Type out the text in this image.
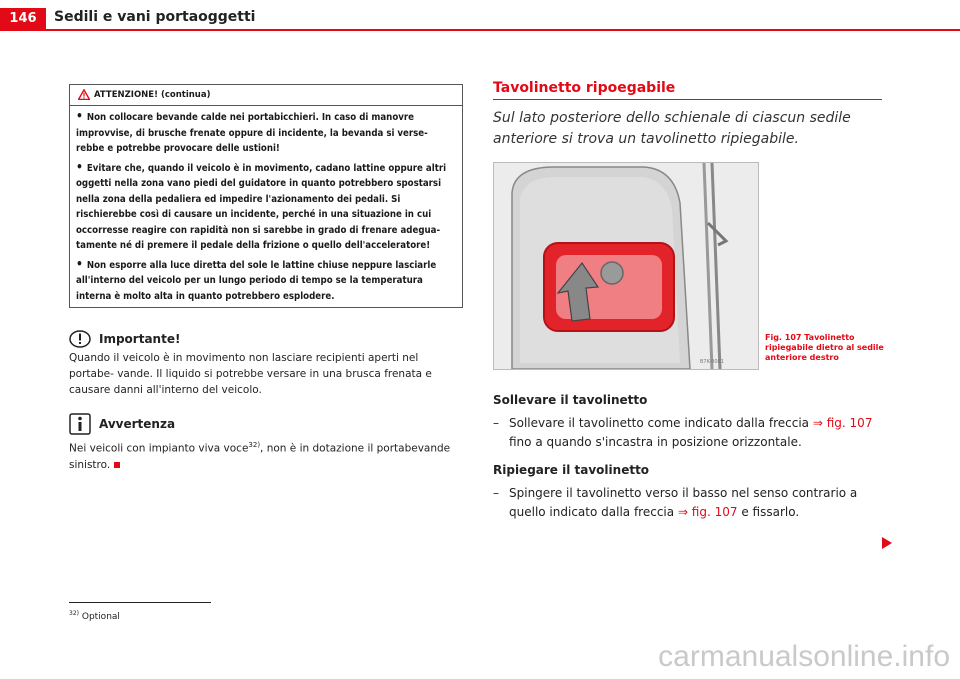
146	Sedili e vani portaoggetti
ATTENZIONE! (continua)
• Non collocare bevande calde nei portabicchieri. In caso di manovre improvvise, di brusche frenate oppure di incidente, la bevanda si verse- rebbe e potrebbe provocare delle ustioni!
• Evitare che, quando il veicolo è in movimento, cadano lattine oppure altri oggetti nella zona vano piedi del guidatore in quanto potrebbero spostarsi nella zona della pedaliera ed impedire l'azionamento dei pedali. Si rischierebbe così di causare un incidente, perché in una situazione in cui occorresse reagire con rapidità non si sarebbe in grado di frenare adegua- tamente né di premere il pedale della frizione o quello dell'acceleratore!
• Non esporre alla luce diretta del sole le lattine chiuse neppure lasciarle all'interno del veicolo per un lungo periodo di tempo se la temperatura interna è molto alta in quanto potrebbero esplodere.
Importante!
Quando il veicolo è in movimento non lasciare recipienti aperti nel portabe- vande. Il liquido si potrebbe versare in una brusca frenata e causare danni all'interno del veicolo.
Avvertenza
Nei veicoli con impianto viva voce$^{32)}$, non è in dotazione il portabevande sinistro.
Tavolinetto ripoegabile
Sul lato posteriore dello schienale di ciascun sedile anteriore si trova un tavolinetto ripiegabile.
B7K-0081
Fig. 107 Tavolinetto ripiegabile dietro al sedile anteriore destro
Sollevare il tavolinetto
– Sollevare il tavolinetto come indicato dalla freccia ⇒ fig. 107 fino a quando s'incastra in posizione orizzontale.
Ripiegare il tavolinetto
– Spingere il tavolinetto verso il basso nel senso contrario a quello indicato dalla freccia ⇒ fig. 107 e fissarlo.
$^{32)}$ Optional
carmanualsonline.info
